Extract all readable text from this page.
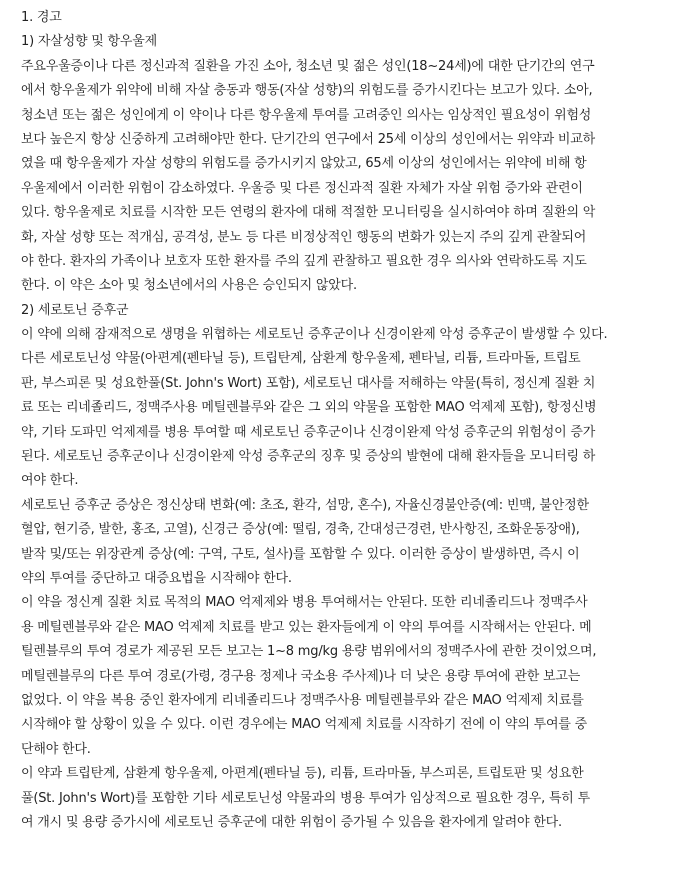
1. 경고
1) 자살성향 및 항우울제
주요우울증이나 다른 정신과적 질환을 가진 소아, 청소년 및 젊은 성인(18~24세)에 대한 단기간의 연구
에서 항우울제가 위약에 비해 자살 충동과 행동(자살 성향)의 위험도를 증가시킨다는 보고가 있다. 소아,
청소년 또는 젊은 성인에게 이 약이나 다른 항우울제 투여를 고려중인 의사는 임상적인 필요성이 위험성
보다 높은지 항상 신중하게 고려해야만 한다. 단기간의 연구에서 25세 이상의 성인에서는 위약과 비교하
였을 때 항우울제가 자살 성향의 위험도를 증가시키지 않았고, 65세 이상의 성인에서는 위약에 비해 항
우울제에서 이러한 위험이 감소하였다. 우울증 및 다른 정신과적 질환 자체가 자살 위험 증가와 관련이
있다. 항우울제로 치료를 시작한 모든 연령의 환자에 대해 적절한 모니터링을 실시하여야 하며 질환의 악
화, 자살 성향 또는 적개심, 공격성, 분노 등 다른 비정상적인 행동의 변화가 있는지 주의 깊게 관찰되어
야 한다. 환자의 가족이나 보호자 또한 환자를 주의 깊게 관찰하고 필요한 경우 의사와 연락하도록 지도
한다. 이 약은 소아 및 청소년에서의 사용은 승인되지 않았다.
2) 세로토닌 증후군
이 약에 의해 잠재적으로 생명을 위협하는 세로토닌 증후군이나 신경이완제 악성 증후군이 발생할 수 있다.
다른 세로토닌성 약물(아편계(펜타닐 등), 트립탄계, 삼환계 항우울제, 펜타닐, 리튬, 트라마돌, 트립토
판, 부스피론 및 성요한풀(St. John's Wort) 포함), 세로토닌 대사를 저해하는 약물(특히, 정신계 질환 치
료 또는 리네졸리드, 정맥주사용 메틸렌블루와 같은 그 외의 약물을 포함한 MAO 억제제 포함), 항정신병
약, 기타 도파민 억제제를 병용 투여할 때 세로토닌 증후군이나 신경이완제 악성 증후군의 위험성이 증가
된다. 세로토닌 증후군이나 신경이완제 악성 증후군의 징후 및 증상의 발현에 대해 환자들을 모니터링 하
여야 한다.
세로토닌 증후군 증상은 정신상태 변화(예: 초조, 환각, 섬망, 혼수), 자율신경불안증(예: 빈맥, 불안정한
혈압, 현기증, 발한, 홍조, 고열), 신경근 증상(예: 떨림, 경축, 간대성근경련, 반사항진, 조화운동장애),
발작 및/또는 위장관계 증상(예: 구역, 구토, 설사)를 포함할 수 있다. 이러한 증상이 발생하면, 즉시 이
약의 투여를 중단하고 대증요법을 시작해야 한다.
이 약을 정신계 질환 치료 목적의 MAO 억제제와 병용 투여해서는 안된다. 또한 리네졸리드나 정맥주사
용 메틸렌블루와 같은 MAO 억제제 치료를 받고 있는 환자들에게 이 약의 투여를 시작해서는 안된다. 메
틸렌블루의 투여 경로가 제공된 모든 보고는 1~8 mg/kg 용량 범위에서의 정맥주사에 관한 것이었으며,
메틸렌블루의 다른 투여 경로(가령, 경구용 정제나 국소용 주사제)나 더 낮은 용량 투여에 관한 보고는
없었다. 이 약을 복용 중인 환자에게 리네졸리드나 정맥주사용 메틸렌블루와 같은 MAO 억제제 치료를
시작해야 할 상황이 있을 수 있다. 이런 경우에는 MAO 억제제 치료를 시작하기 전에 이 약의 투여를 중
단해야 한다.
이 약과 트립탄계, 삼환계 항우울제, 아편계(펜타닐 등), 리튬, 트라마돌, 부스피론, 트립토판 및 성요한
풀(St. John's Wort)를 포함한 기타 세로토닌성 약물과의 병용 투여가 임상적으로 필요한 경우, 특히 투
여 개시 및 용량 증가시에 세로토닌 증후군에 대한 위험이 증가될 수 있음을 환자에게 알려야 한다.
